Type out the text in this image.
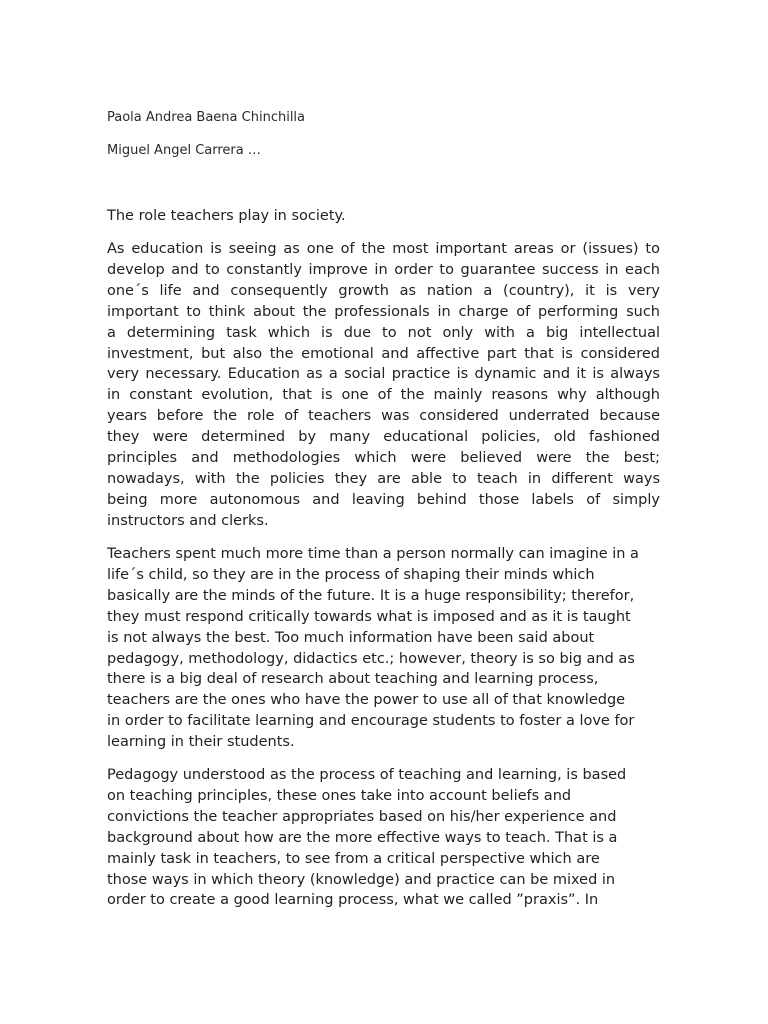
Paola Andrea Baena Chinchilla
Miguel Angel Carrera …
The role teachers play in society.
As education is seeing as one of the most important areas or (issues) to
develop and to constantly improve in order to guarantee success in each
one´s life and consequently growth as nation a (country), it is very
important to think about the professionals in charge of performing such
a determining task which is due to not only with a big intellectual
investment, but also the emotional and affective part that is considered
very necessary. Education as a social practice is dynamic and it is always
in constant evolution, that is one of the mainly reasons why although
years before the role of teachers was considered underrated because
they were determined by many educational policies, old fashioned
principles and methodologies which were believed were the best;
nowadays, with the policies they are able to teach in different ways
being more autonomous and leaving behind those labels of simply
instructors and clerks.
Teachers spent much more time than a person normally can imagine in a
life´s child, so they are in the process of shaping their minds which
basically are the minds of the future. It is a huge responsibility; therefor,
they must respond critically towards what is imposed and as it is taught
is not always the best. Too much information have been said about
pedagogy, methodology, didactics etc.; however, theory is so big and as
there is a big deal of research about teaching and learning process,
teachers are the ones who have the power to use all of that knowledge
in order to facilitate learning and encourage students to foster a love for
learning in their students.
Pedagogy understood as the process of teaching and learning, is based
on teaching principles, these ones take into account beliefs and
convictions the teacher appropriates based on his/her experience and
background about how are the more effective ways to teach. That is a
mainly task in teachers, to see from a critical perspective which are
those ways in which theory (knowledge) and practice can be mixed in
order to create a good learning process, what we called ”praxis”. In
